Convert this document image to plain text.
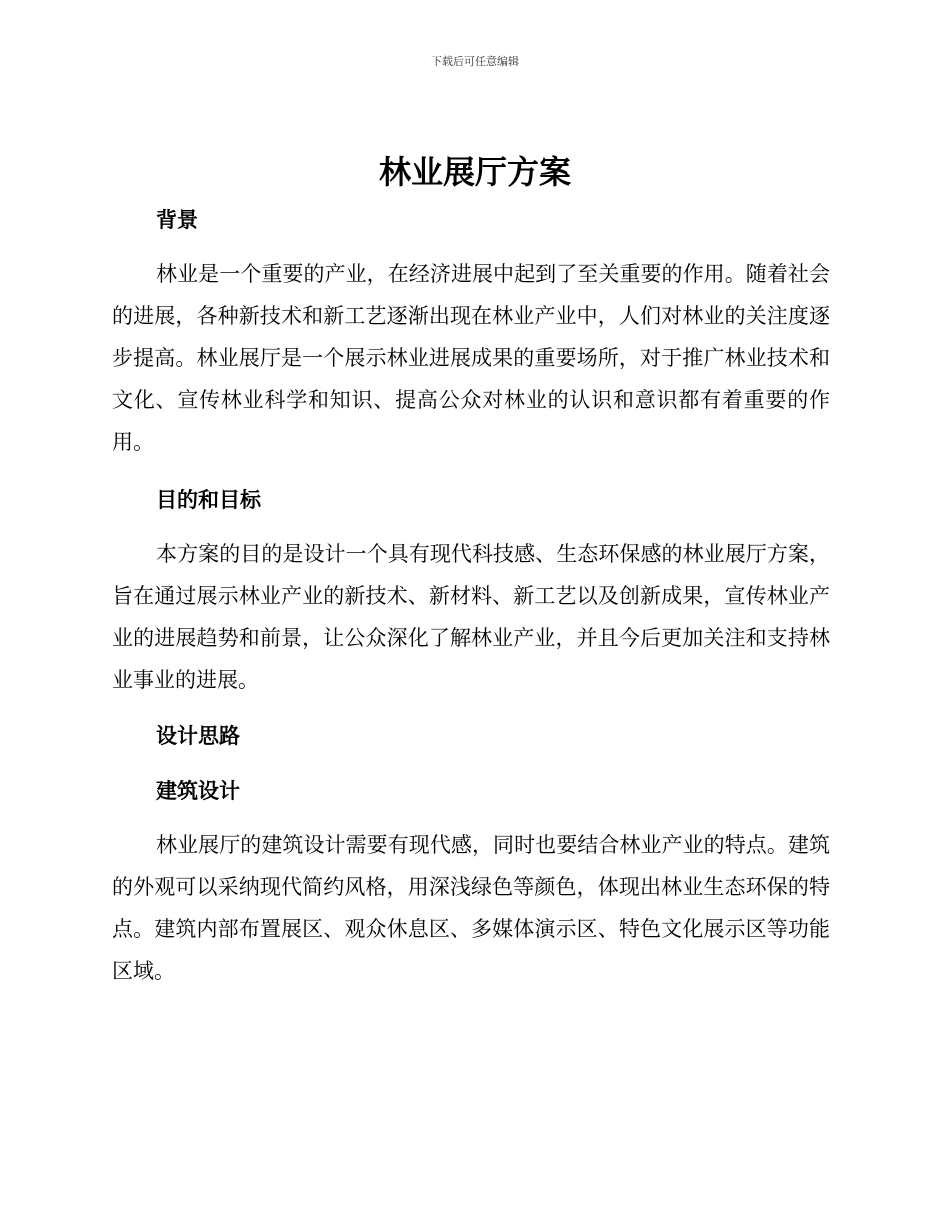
下载后可任意编辑
林业展厅方案
背景

林业是一个重要的产业，在经济进展中起到了至关重要的作用。随着社会的进展，各种新技术和新工艺逐渐出现在林业产业中，人们对林业的关注度逐步提高。林业展厅是一个展示林业进展成果的重要场所，对于推广林业技术和文化、宣传林业科学和知识、提高公众对林业的认识和意识都有着重要的作用。

目的和目标

本方案的目的是设计一个具有现代科技感、生态环保感的林业展厅方案，旨在通过展示林业产业的新技术、新材料、新工艺以及创新成果，宣传林业产业的进展趋势和前景，让公众深化了解林业产业，并且今后更加关注和支持林业事业的进展。

设计思路
建筑设计

林业展厅的建筑设计需要有现代感，同时也要结合林业产业的特点。建筑的外观可以采纳现代简约风格，用深浅绿色等颜色，体现出林业生态环保的特点。建筑内部布置展区、观众休息区、多媒体演示区、特色文化展示区等功能区域。
